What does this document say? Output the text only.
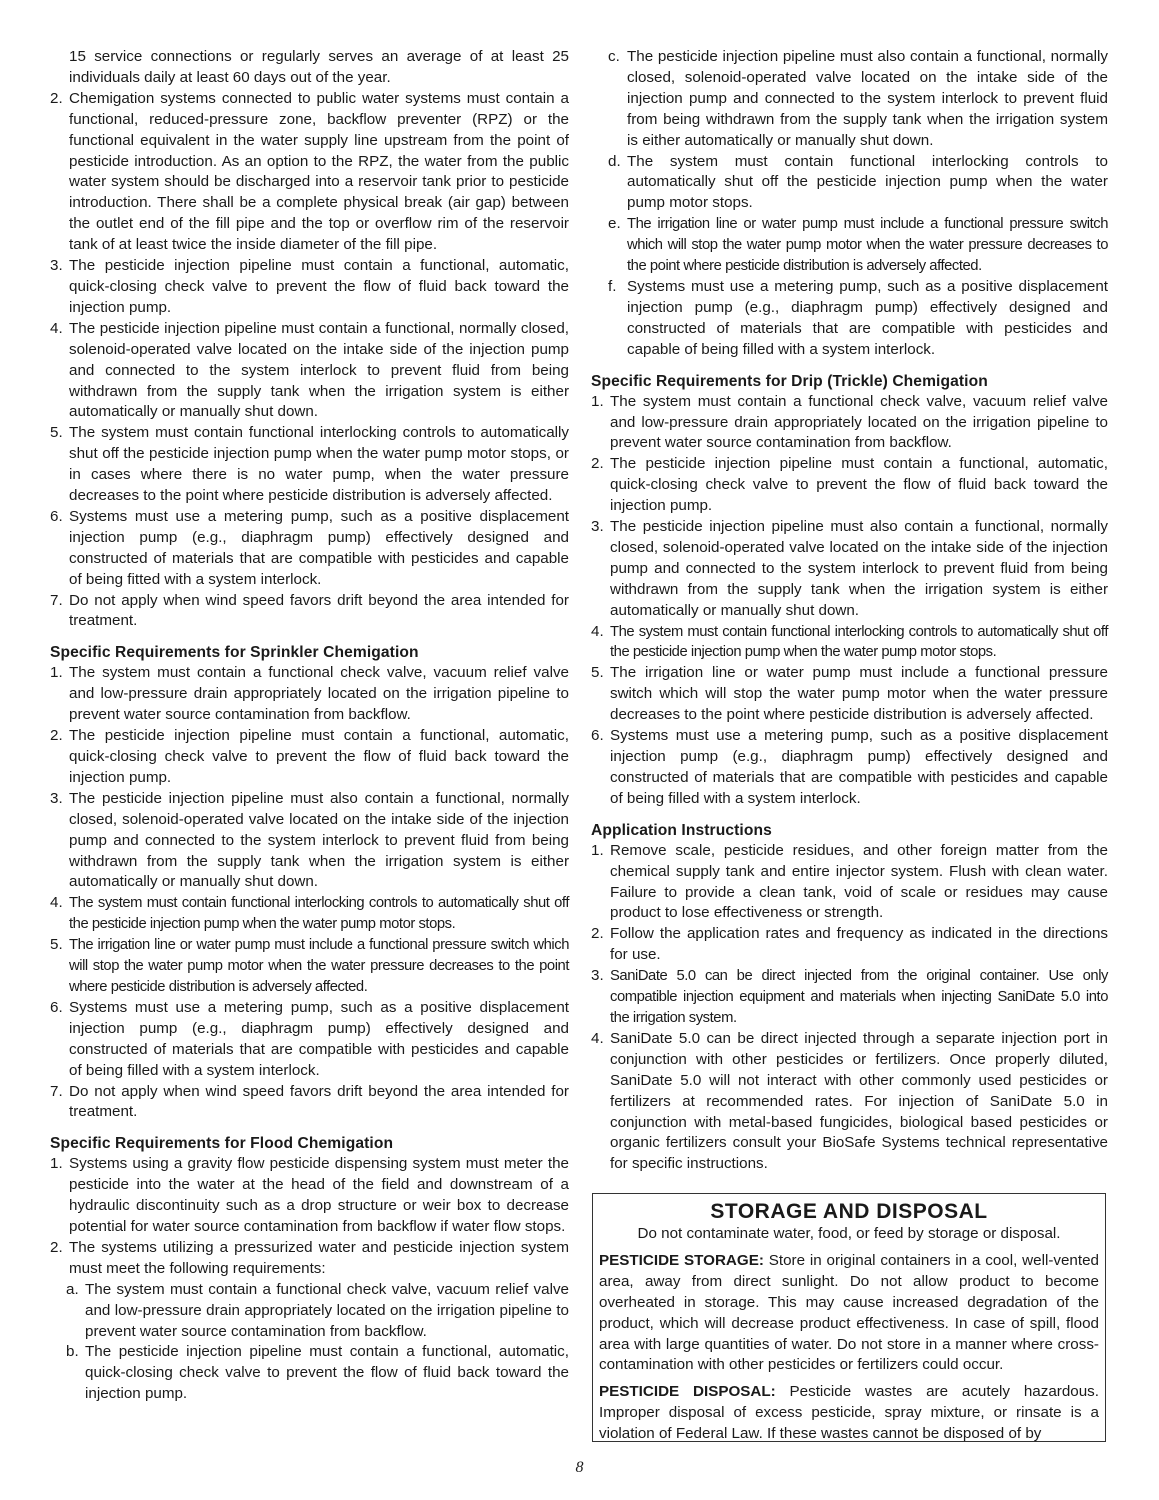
15 service connections or regularly serves an average of at least 25 individuals daily at least 60 days out of the year.
2. Chemigation systems connected to public water systems must contain a functional, reduced-pressure zone, backflow preventer (RPZ) or the functional equivalent in the water supply line upstream from the point of pesticide introduction. As an option to the RPZ, the water from the public water system should be discharged into a reservoir tank prior to pesticide introduction. There shall be a complete physical break (air gap) between the outlet end of the fill pipe and the top or overflow rim of the reservoir tank of at least twice the inside diameter of the fill pipe.
3. The pesticide injection pipeline must contain a functional, automatic, quick-closing check valve to prevent the flow of fluid back toward the injection pump.
4. The pesticide injection pipeline must contain a functional, normally closed, solenoid-operated valve located on the intake side of the injection pump and connected to the system interlock to prevent fluid from being withdrawn from the supply tank when the irrigation system is either automatically or manually shut down.
5. The system must contain functional interlocking controls to automatically shut off the pesticide injection pump when the water pump motor stops, or in cases where there is no water pump, when the water pressure decreases to the point where pesticide distribution is adversely affected.
6. Systems must use a metering pump, such as a positive displacement injection pump (e.g., diaphragm pump) effectively designed and constructed of materials that are compatible with pesticides and capable of being fitted with a system interlock.
7. Do not apply when wind speed favors drift beyond the area intended for treatment.
Specific Requirements for Sprinkler Chemigation
1. The system must contain a functional check valve, vacuum relief valve and low-pressure drain appropriately located on the irrigation pipeline to prevent water source contamination from backflow.
2. The pesticide injection pipeline must contain a functional, automatic, quick-closing check valve to prevent the flow of fluid back toward the injection pump.
3. The pesticide injection pipeline must also contain a functional, normally closed, solenoid-operated valve located on the intake side of the injection pump and connected to the system interlock to prevent fluid from being withdrawn from the supply tank when the irrigation system is either automatically or manually shut down.
4. The system must contain functional interlocking controls to automatically shut off the pesticide injection pump when the water pump motor stops.
5. The irrigation line or water pump must include a functional pressure switch which will stop the water pump motor when the water pressure decreases to the point where pesticide distribution is adversely affected.
6. Systems must use a metering pump, such as a positive displacement injection pump (e.g., diaphragm pump) effectively designed and constructed of materials that are compatible with pesticides and capable of being filled with a system interlock.
7. Do not apply when wind speed favors drift beyond the area intended for treatment.
Specific Requirements for Flood Chemigation
1. Systems using a gravity flow pesticide dispensing system must meter the pesticide into the water at the head of the field and downstream of a hydraulic discontinuity such as a drop structure or weir box to decrease potential for water source contamination from backflow if water flow stops.
2. The systems utilizing a pressurized water and pesticide injection system must meet the following requirements:
a. The system must contain a functional check valve, vacuum relief valve and low-pressure drain appropriately located on the irrigation pipeline to prevent water source contamination from backflow.
b. The pesticide injection pipeline must contain a functional, automatic, quick-closing check valve to prevent the flow of fluid back toward the injection pump.
c. The pesticide injection pipeline must also contain a functional, normally closed, solenoid-operated valve located on the intake side of the injection pump and connected to the system interlock to prevent fluid from being withdrawn from the supply tank when the irrigation system is either automatically or manually shut down.
d. The system must contain functional interlocking controls to automatically shut off the pesticide injection pump when the water pump motor stops.
e. The irrigation line or water pump must include a functional pressure switch which will stop the water pump motor when the water pressure decreases to the point where pesticide distribution is adversely affected.
f. Systems must use a metering pump, such as a positive displacement injection pump (e.g., diaphragm pump) effectively designed and constructed of materials that are compatible with pesticides and capable of being filled with a system interlock.
Specific Requirements for Drip (Trickle) Chemigation
1. The system must contain a functional check valve, vacuum relief valve and low-pressure drain appropriately located on the irrigation pipeline to prevent water source contamination from backflow.
2. The pesticide injection pipeline must contain a functional, automatic, quick-closing check valve to prevent the flow of fluid back toward the injection pump.
3. The pesticide injection pipeline must also contain a functional, normally closed, solenoid-operated valve located on the intake side of the injection pump and connected to the system interlock to prevent fluid from being withdrawn from the supply tank when the irrigation system is either automatically or manually shut down.
4. The system must contain functional interlocking controls to automatically shut off the pesticide injection pump when the water pump motor stops.
5. The irrigation line or water pump must include a functional pressure switch which will stop the water pump motor when the water pressure decreases to the point where pesticide distribution is adversely affected.
6. Systems must use a metering pump, such as a positive displacement injection pump (e.g., diaphragm pump) effectively designed and constructed of materials that are compatible with pesticides and capable of being filled with a system interlock.
Application Instructions
1. Remove scale, pesticide residues, and other foreign matter from the chemical supply tank and entire injector system. Flush with clean water. Failure to provide a clean tank, void of scale or residues may cause product to lose effectiveness or strength.
2. Follow the application rates and frequency as indicated in the directions for use.
3. SaniDate 5.0 can be direct injected from the original container. Use only compatible injection equipment and materials when injecting SaniDate 5.0 into the irrigation system.
4. SaniDate 5.0 can be direct injected through a separate injection port in conjunction with other pesticides or fertilizers. Once properly diluted, SaniDate 5.0 will not interact with other commonly used pesticides or fertilizers at recommended rates. For injection of SaniDate 5.0 in conjunction with metal-based fungicides, biological based pesticides or organic fertilizers consult your BioSafe Systems technical representative for specific instructions.
STORAGE AND DISPOSAL
Do not contaminate water, food, or feed by storage or disposal.
PESTICIDE STORAGE: Store in original containers in a cool, well-vented area, away from direct sunlight. Do not allow product to become overheated in storage. This may cause increased degradation of the product, which will decrease product effectiveness. In case of spill, flood area with large quantities of water. Do not store in a manner where cross-contamination with other pesticides or fertilizers could occur.
PESTICIDE DISPOSAL: Pesticide wastes are acutely hazardous. Improper disposal of excess pesticide, spray mixture, or rinsate is a violation of Federal Law. If these wastes cannot be disposed of by
8
